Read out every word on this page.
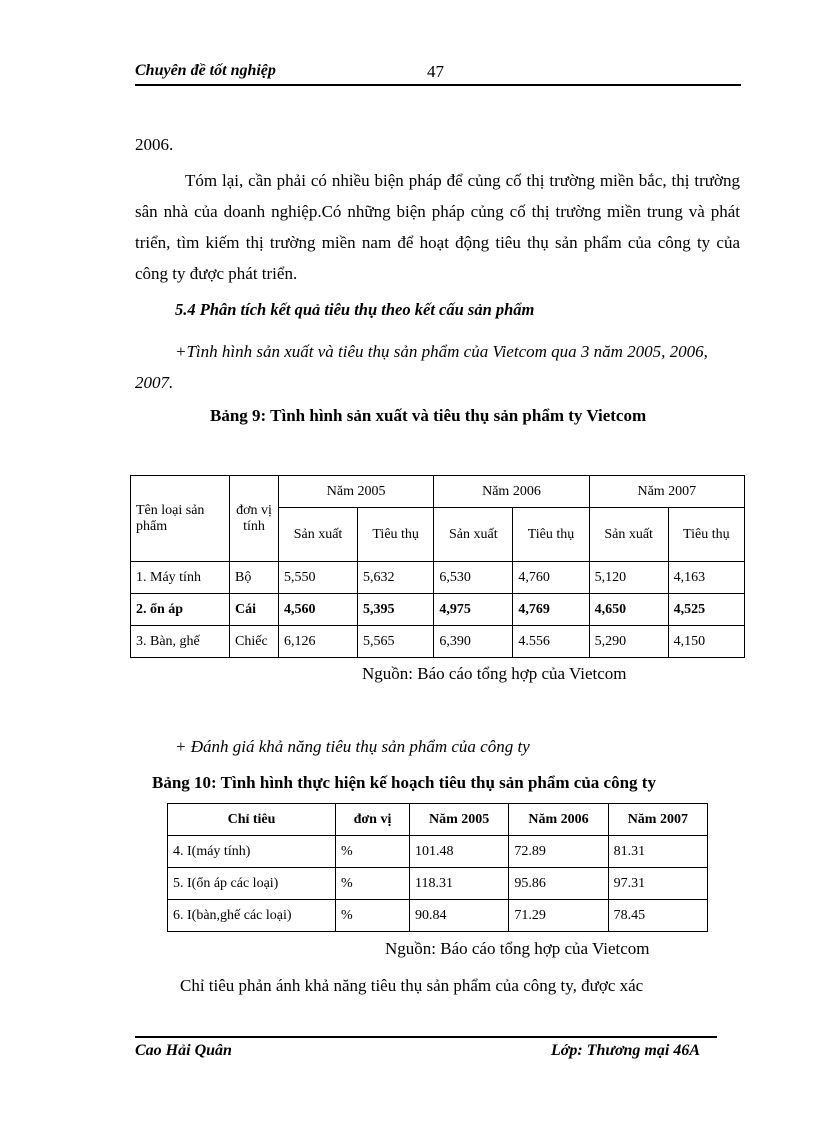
Chuyên đề tốt nghiệp	47
2006.
Tóm lại, cần phải có nhiều biện pháp để củng cố thị trường miền bắc, thị trường sân nhà của doanh nghiệp.Có những biện pháp củng cố thị trường miền trung và phát triển, tìm kiếm thị trường miền nam để hoạt động tiêu thụ sản phẩm của công ty của công ty được phát triển.
5.4 Phân tích kết quả tiêu thụ theo kết cấu sản phẩm
+Tình hình sản xuất và tiêu thụ sản phẩm của Vietcom qua 3 năm 2005, 2006, 2007.
Bảng 9: Tình hình sản xuất và tiêu thụ sản phẩm ty Vietcom
Tên loại sản phẩm	đơn vị tính	Năm 2005		Năm 2006		Năm 2007	
		Sản xuất	Tiêu thụ	Sản xuất	Tiêu thụ	Sản xuất	Tiêu thụ
1. Máy tính	Bộ	5,550	5,632	6,530	4,760	5,120	4,163
2. ổn áp	Cái	4,560	5,395	4,975	4,769	4,650	4,525
3. Bàn, ghế	Chiếc	6,126	5,565	6,390	4.556	5,290	4,150
Nguồn: Báo cáo tổng hợp của Vietcom
+ Đánh giá khả năng tiêu thụ sản phẩm của công ty
Bảng 10: Tình hình thực hiện kế hoạch tiêu thụ sản phẩm của công ty
Chỉ tiêu	đơn vị	Năm 2005	Năm 2006	Năm 2007
4. I(máy tính)	%	101.48	72.89	81.31
5. I(ổn áp các loại)	%	118.31	95.86	97.31
6. I(bàn,ghế các loại)	%	90.84	71.29	78.45
Nguồn: Báo cáo tổng hợp của Vietcom
Chỉ tiêu phản ánh khả năng tiêu thụ sản phẩm của công ty, được xác
Cao Hải Quân	Lớp: Thương mại 46A
